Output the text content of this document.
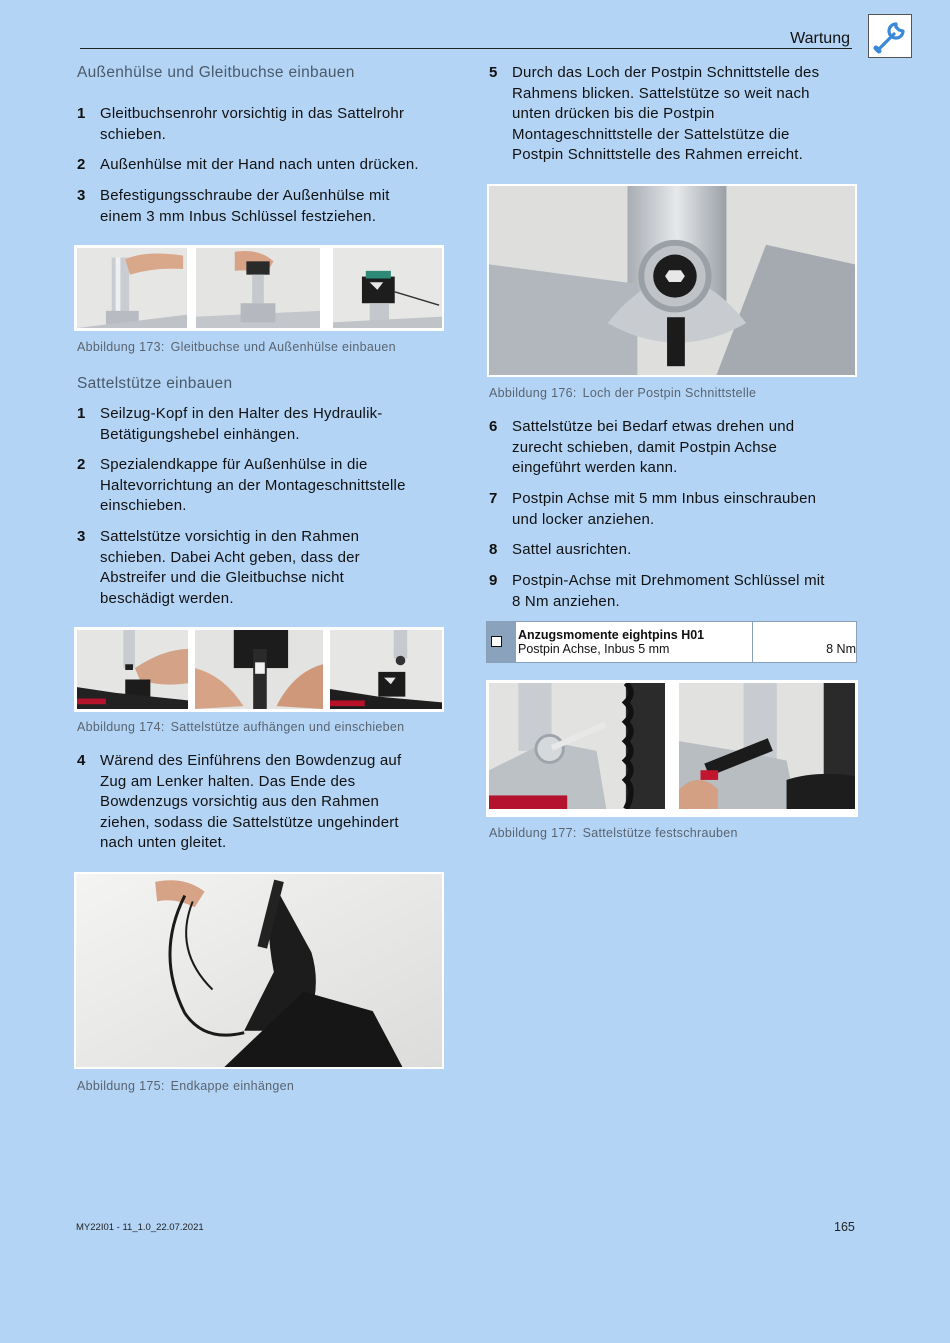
Wartung
Außenhülse und Gleitbuchse einbauen
1 Gleitbuchsenrohr vorsichtig in das Sattelrohr
schieben.
2 Außenhülse mit der Hand nach unten drücken.
3 Befestigungsschraube der Außenhülse mit
einem 3 mm Inbus Schlüssel festziehen.
Abbildung 173: Gleitbuchse und Außenhülse einbauen
Sattelstütze einbauen
1 Seilzug-Kopf in den Halter des Hydraulik-
Betätigungshebel einhängen.
2 Spezialendkappe für Außenhülse in die
Haltevorrichtung an der Montageschnittstelle
einschieben.
3 Sattelstütze vorsichtig in den Rahmen
schieben. Dabei Acht geben, dass der
Abstreifer und die Gleitbuchse nicht
beschädigt werden.
Abbildung 174: Sattelstütze aufhängen und einschieben
4 Wärend des Einführens den Bowdenzug auf
Zug am Lenker halten. Das Ende des
Bowdenzugs vorsichtig aus den Rahmen
ziehen, sodass die Sattelstütze ungehindert
nach unten gleitet.
Abbildung 175: Endkappe einhängen
5 Durch das Loch der Postpin Schnittstelle des
Rahmens blicken. Sattelstütze so weit nach
unten drücken bis die Postpin
Montageschnittstelle der Sattelstütze die
Postpin Schnittstelle des Rahmen erreicht.
Abbildung 176: Loch der Postpin Schnittstelle
6 Sattelstütze bei Bedarf etwas drehen und
zurecht schieben, damit Postpin Achse
eingeführt werden kann.
7 Postpin Achse mit 5 mm Inbus einschrauben
und locker anziehen.
8 Sattel ausrichten.
9 Postpin-Achse mit Drehmoment Schlüssel mit
8 Nm anziehen.
Anzugsmomente eightpins H01
Postpin Achse, Inbus 5 mm	8 Nm
Abbildung 177: Sattelstütze festschrauben
MY22I01 - 11_1.0_22.07.2021	165
